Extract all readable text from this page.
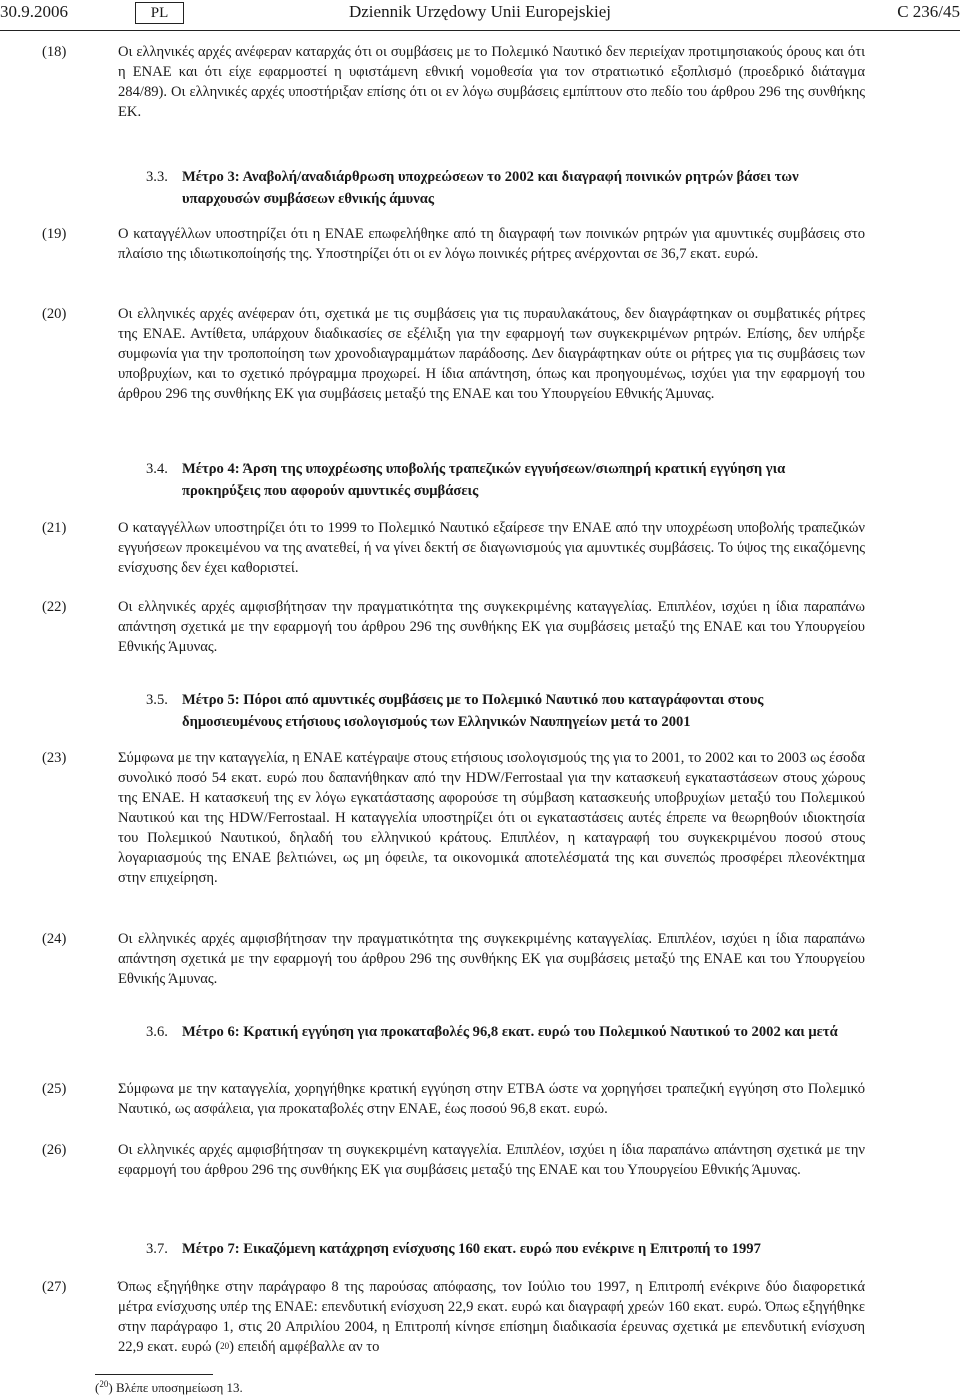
Dziennik Urzędowy Unii Europejskiej
30.9.2006	PL	C 236/45
(18)	Οι ελληνικές αρχές ανέφεραν καταρχάς ότι οι συμβάσεις με το Πολεμικό Ναυτικό δεν περιείχαν προτιμησιακούς όρους και ότι η ΕΝΑΕ και ότι είχε εφαρμοστεί η υφιστάμενη εθνική νομοθεσία για τον στρατιωτικό εξοπλισμό (προεδρικό διάταγμα 284/89). Οι ελληνικές αρχές υποστήριξαν επίσης ότι οι εν λόγω συμβάσεις εμπίπτουν στο πεδίο του άρθρου 296 της συνθήκης ΕΚ.
3.3. Μέτρο 3: Αναβολή/αναδιάρθρωση υποχρεώσεων το 2002 και διαγραφή ποινικών ρητρών βάσει των υπαρχουσών συμβάσεων εθνικής άμυνας
(19)	Ο καταγγέλλων υποστηρίζει ότι η ΕΝΑΕ επωφελήθηκε από τη διαγραφή των ποινικών ρητρών για αμυντικές συμβάσεις στο πλαίσιο της ιδιωτικοποίησής της. Υποστηρίζει ότι οι εν λόγω ποινικές ρήτρες ανέρχονται σε 36,7 εκατ. ευρώ.
(20)	Οι ελληνικές αρχές ανέφεραν ότι, σχετικά με τις συμβάσεις για τις πυραυλακάτους, δεν διαγράφτηκαν οι συμβατικές ρήτρες της ΕΝΑΕ. Αντίθετα, υπάρχουν διαδικασίες σε εξέλιξη για την εφαρμογή των συγκεκριμένων ρητρών. Επίσης, δεν υπήρξε συμφωνία για την τροποποίηση των χρονοδιαγραμμάτων παράδοσης. Δεν διαγράφτηκαν ούτε οι ρήτρες για τις συμβάσεις των υποβρυχίων, και το σχετικό πρόγραμμα προχωρεί. Η ίδια απάντηση, όπως και προηγουμένως, ισχύει για την εφαρμογή του άρθρου 296 της συνθήκης ΕΚ για συμβάσεις μεταξύ της ΕΝΑΕ και του Υπουργείου Εθνικής Άμυνας.
3.4. Μέτρο 4: Άρση της υποχρέωσης υποβολής τραπεζικών εγγυήσεων/σιωπηρή κρατική εγγύηση για προκηρύξεις που αφορούν αμυντικές συμβάσεις
(21)	Ο καταγγέλλων υποστηρίζει ότι το 1999 το Πολεμικό Ναυτικό εξαίρεσε την ΕΝΑΕ από την υποχρέωση υποβολής τραπεζικών εγγυήσεων προκειμένου να της ανατεθεί, ή να γίνει δεκτή σε διαγωνισμούς για αμυντικές συμβάσεις. Το ύψος της εικαζόμενης ενίσχυσης δεν έχει καθοριστεί.
(22)	Οι ελληνικές αρχές αμφισβήτησαν την πραγματικότητα της συγκεκριμένης καταγγελίας. Επιπλέον, ισχύει η ίδια παραπάνω απάντηση σχετικά με την εφαρμογή του άρθρου 296 της συνθήκης ΕΚ για συμβάσεις μεταξύ της ΕΝΑΕ και του Υπουργείου Εθνικής Άμυνας.
3.5. Μέτρο 5: Πόροι από αμυντικές συμβάσεις με το Πολεμικό Ναυτικό που καταγράφονται στους δημοσιευμένους ετήσιους ισολογισμούς των Ελληνικών Ναυπηγείων μετά το 2001
(23)	Σύμφωνα με την καταγγελία, η ΕΝΑΕ κατέγραψε στους ετήσιους ισολογισμούς της για το 2001, το 2002 και το 2003 ως έσοδα συνολικό ποσό 54 εκατ. ευρώ που δαπανήθηκαν από την HDW/Ferrostaal για την κατασκευή εγκαταστάσεων στους χώρους της ΕΝΑΕ. Η κατασκευή της εν λόγω εγκατάστασης αφορούσε τη σύμβαση κατασκευής υποβρυχίων μεταξύ του Πολεμικού Ναυτικού και της HDW/Ferrostaal. Η καταγγελία υποστηρίζει ότι οι εγκαταστάσεις αυτές έπρεπε να θεωρηθούν ιδιοκτησία του Πολεμικού Ναυτικού, δηλαδή του ελληνικού κράτους. Επιπλέον, η καταγραφή του συγκεκριμένου ποσού στους λογαριασμούς της ΕΝΑΕ βελτιώνει, ως μη όφειλε, τα οικονομικά αποτελέσματά της και συνεπώς προσφέρει πλεονέκτημα στην επιχείρηση.
(24)	Οι ελληνικές αρχές αμφισβήτησαν την πραγματικότητα της συγκεκριμένης καταγγελίας. Επιπλέον, ισχύει η ίδια παραπάνω απάντηση σχετικά με την εφαρμογή του άρθρου 296 της συνθήκης ΕΚ για συμβάσεις μεταξύ της ΕΝΑΕ και του Υπουργείου Εθνικής Άμυνας.
3.6. Μέτρο 6: Κρατική εγγύηση για προκαταβολές 96,8 εκατ. ευρώ του Πολεμικού Ναυτικού το 2002 και μετά
(25)	Σύμφωνα με την καταγγελία, χορηγήθηκε κρατική εγγύηση στην ΕΤΒΑ ώστε να χορηγήσει τραπεζική εγγύηση στο Πολεμικό Ναυτικό, ως ασφάλεια, για προκαταβολές στην ΕΝΑΕ, έως ποσού 96,8 εκατ. ευρώ.
(26)	Οι ελληνικές αρχές αμφισβήτησαν τη συγκεκριμένη καταγγελία. Επιπλέον, ισχύει η ίδια παραπάνω απάντηση σχετικά με την εφαρμογή του άρθρου 296 της συνθήκης ΕΚ για συμβάσεις μεταξύ της ΕΝΑΕ και του Υπουργείου Εθνικής Άμυνας.
3.7. Μέτρο 7: Εικαζόμενη κατάχρηση ενίσχυσης 160 εκατ. ευρώ που ενέκρινε η Επιτροπή το 1997
(27)	Όπως εξηγήθηκε στην παράγραφο 8 της παρούσας απόφασης, τον Ιούλιο του 1997, η Επιτροπή ενέκρινε δύο διαφορετικά μέτρα ενίσχυσης υπέρ της ΕΝΑΕ: επενδυτική ενίσχυση 22,9 εκατ. ευρώ και διαγραφή χρεών 160 εκατ. ευρώ. Όπως εξηγήθηκε στην παράγραφο 1, στις 20 Απριλίου 2004, η Επιτροπή κίνησε επίσημη διαδικασία έρευνας σχετικά με επενδυτική ενίσχυση 22,9 εκατ. ευρώ ($^{20}$) επειδή αμφέβαλλε αν το
($^{20}$) Βλέπε υποσημείωση 13.
